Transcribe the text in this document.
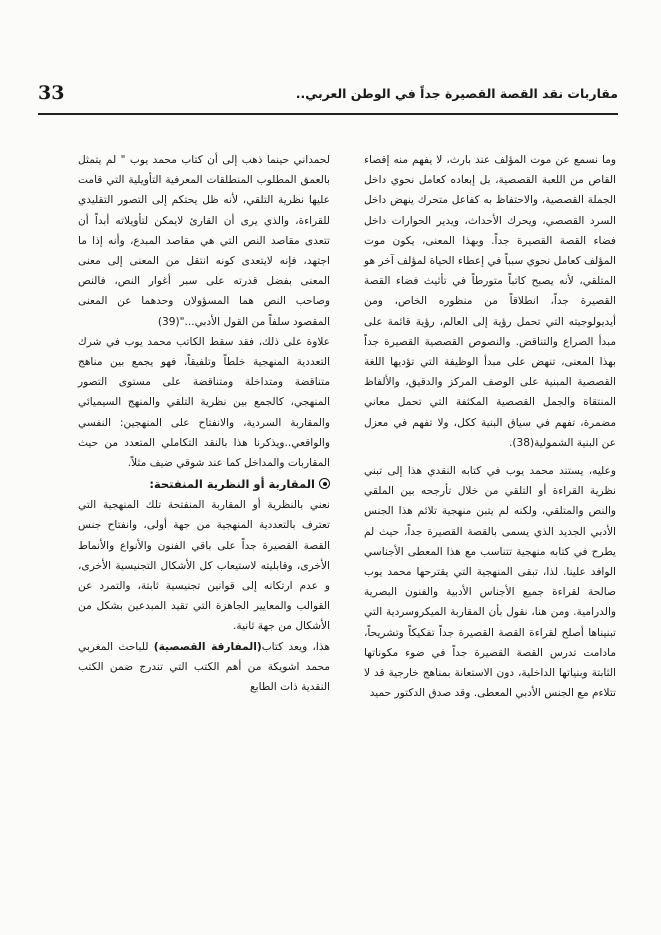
33	مقاربات نقد القصة القصيرة جداً في الوطن العربي..

وما نسمع عن موت المؤلف عند بارث، لا يفهم منه إقصاء القاص من اللعبة القصصية، بل إبعاده كعامل نحوي داخل الجملة القصصية، والاحتفاظ به كفاعل متحرك ينهض داخل السرد القصصي، ويحرك الأحداث، ويدير الحوارات داخل فضاء القصة القصيرة جداً. وبهذا المعنى، يكون موت المؤلف كعامل نحوي سبباً في إعطاء الحياة لمؤلف آخر هو المتلقي، لأنه يصبح كاتباً متورطاً في تأثيث فضاء القصة القصيرة جداً، انطلاقاً من منظوره الخاص، ومن أيديولوجيته التي تحمل رؤية إلى العالم، رؤية قائمة على مبدأ الصراع والتناقض. والنصوص القصصية القصيرة جداً بهذا المعنى، تنهض على مبدأ الوظيفة التي تؤديها اللغة القصصية المبنية على الوصف المركز والدقيق، والألفاظ المنتقاة والجمل القصصية المكثفة التي تحمل معاني مضمرة، تفهم في سياق البنية ككل، ولا تفهم في معزل عن البنية الشمولية(38).

وعليه، يستند محمد يوب في كتابه النقدي هذا إلى تبني نظرية القراءة أو التلقي من خلال تأرجحه بين الملقي والنص والمتلقي، ولكنه لم يتبن منهجية تلائم هذا الجنس الأدبي الجديد الذي يسمى بالقصة القصيرة جداً، حيث لم يطرح في كتابه منهجية تتناسب مع هذا المعطى الأجناسي الوافد علينا. لذا، تبقى المنهجية التي يقترحها محمد يوب صالحة لقراءة جميع الأجناس الأدبية والفنون البصرية والدرامية. ومن هنا، نقول بأن المقاربة الميكروسردية التي تبنيناها أصلح لقراءة القصة القصيرة جداً تفكيكاً وتشريحاً، مادامت تدرس القصة القصيرة جداً في ضوء مكوناتها الثابتة وبنياتها الداخلية، دون الاستعانة بمناهج خارجية قد لا تتلاءم مع الجنس الأدبي المعطى. وقد صدق الدكتور حميد

لحمداني حينما ذهب إلى أن كتاب محمد يوب " لم يتمثل بالعمق المطلوب المنطلقات المعرفية التأويلية التي قامت عليها نظرية التلقي، لأنه ظل يحتكم إلى التصور التقليدي للقراءة، والذي يرى أن القارئ لايمكن لتأويلاته أبداً أن تتعدى مقاصد النص التي هي مقاصد المبدع، وأنه إذا ما اجتهد، فإنه لايتعدى كونه انتقل من المعنى إلى معنى المعنى بفضل قدرته على سبر أغوار النص، فالنص وصاحب النص هما المسؤولان وحدهما عن المعنى المقصود سلفاً من القول الأدبي..."(39)

علاوة على ذلك، فقد سقط الكاتب محمد يوب في شرك التعددية المنهجية خلطاً وتلفيقاً، فهو يجمع بين مناهج متناقضة ومتداخلة ومتناقضة على مستوى التصور المنهجي، كالجمع بين نظرية التلقي والمنهج السيميائي والمقاربة السردية، والانفتاح على المنهجين: النفسي والواقعي..ويذكرنا هذا بالنقد التكاملي المتعدد من حيث المقاربات والمداخل كما عند شوقي ضيف مثلاً.

المقاربة أو النظرية المنفتحة:

نعني بالنظرية أو المقاربة المنفتحة تلك المنهجية التي تعترف بالتعددية المنهجية من جهة أولى، وانفتاح جنس القصة القصيرة جداً على باقي الفنون والأنواع والأنماط الأخرى، وقابليته لاستيعاب كل الأشكال التجنيسية الأخرى، و عدم ارتكانه إلى قوانين تجنيسية ثابتة، والتمرد عن القوالب والمعايير الجاهزة التي تقيد المبدعين بشكل من الأشكال من جهة ثانية.

هذا، ويعد كتاب(المفارقة القصصية) للباحث المغربي محمد اشويكة من أهم الكتب التي تندرج ضمن الكتب النقدية ذات الطابع
